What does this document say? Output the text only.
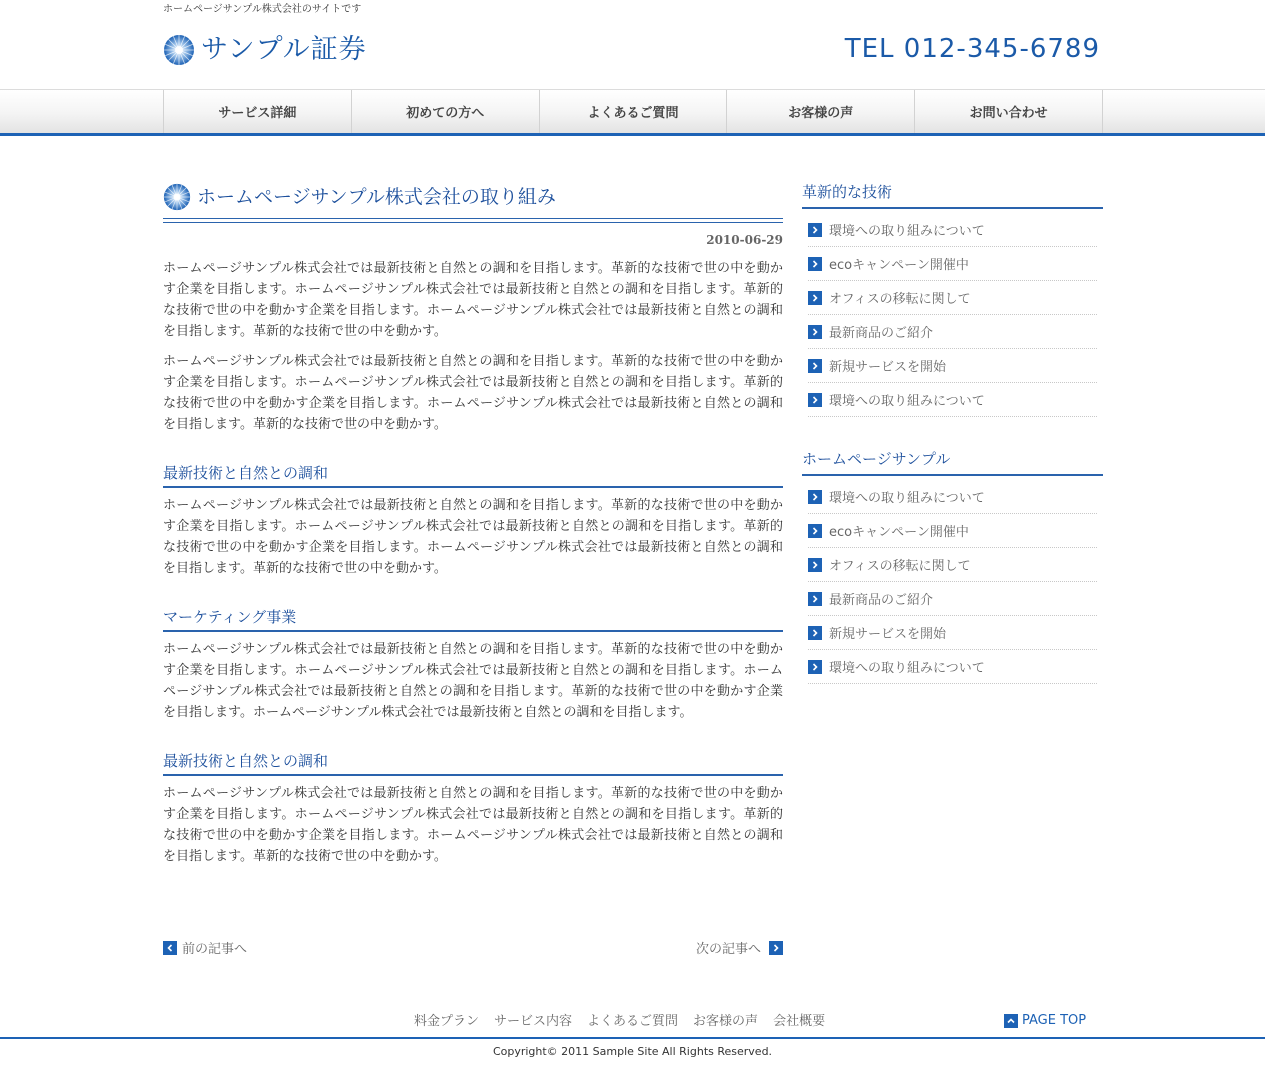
ホームページサンプル株式会社のサイトです
サンプル証券	TEL 012-345-6789
サービス詳細	初めての方へ	よくあるご質問	お客様の声	お問い合わせ
ホームページサンプル株式会社の取り組み
2010-06-29

ホームページサンプル株式会社では最新技術と自然との調和を目指します。革新的な技術で世の中を動かす企業を目指します。ホームページサンプル株式会社では最新技術と自然との調和を目指します。革新的な技術で世の中を動かす企業を目指します。ホームページサンプル株式会社では最新技術と自然との調和を目指します。革新的な技術で世の中を動かす。

ホームページサンプル株式会社では最新技術と自然との調和を目指します。革新的な技術で世の中を動かす企業を目指します。ホームページサンプル株式会社では最新技術と自然との調和を目指します。革新的な技術で世の中を動かす企業を目指します。ホームページサンプル株式会社では最新技術と自然との調和を目指します。革新的な技術で世の中を動かす。

最新技術と自然との調和

ホームページサンプル株式会社では最新技術と自然との調和を目指します。革新的な技術で世の中を動かす企業を目指します。ホームページサンプル株式会社では最新技術と自然との調和を目指します。革新的な技術で世の中を動かす企業を目指します。ホームページサンプル株式会社では最新技術と自然との調和を目指します。革新的な技術で世の中を動かす。

マーケティング事業

ホームページサンプル株式会社では最新技術と自然との調和を目指します。革新的な技術で世の中を動かす企業を目指します。ホームページサンプル株式会社では最新技術と自然との調和を目指します。ホームページサンプル株式会社では最新技術と自然との調和を目指します。革新的な技術で世の中を動かす企業を目指します。ホームページサンプル株式会社では最新技術と自然との調和を目指します。

最新技術と自然との調和

ホームページサンプル株式会社では最新技術と自然との調和を目指します。革新的な技術で世の中を動かす企業を目指します。ホームページサンプル株式会社では最新技術と自然との調和を目指します。革新的な技術で世の中を動かす企業を目指します。ホームページサンプル株式会社では最新技術と自然との調和を目指します。革新的な技術で世の中を動かす。

前の記事へ	次の記事へ
革新的な技術
環境への取り組みについて
ecoキャンペーン開催中
オフィスの移転に関して
最新商品のご紹介
新規サービスを開始
環境への取り組みについて
ホームページサンプル
環境への取り組みについて
ecoキャンペーン開催中
オフィスの移転に関して
最新商品のご紹介
新規サービスを開始
環境への取り組みについて
料金プラン サービス内容 よくあるご質問 お客様の声 会社概要	PAGE TOP
Copyright© 2011 Sample Site All Rights Reserved.
